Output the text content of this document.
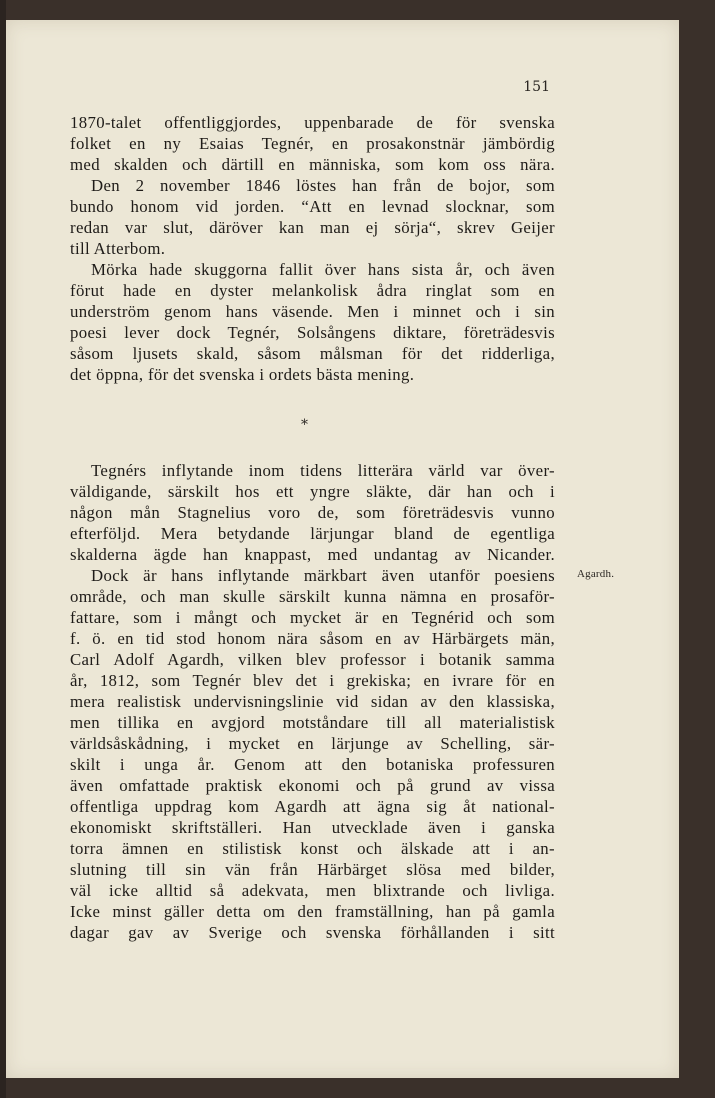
151

1870-talet offentliggjordes, uppenbarade de för svenska

folket en ny Esaias Tegnér, en prosakonstnär jämbördig

med skalden och därtill en människa, som kom oss nära.

Den 2 november 1846 löstes han från de bojor, som

bundo honom vid jorden. “Att en levnad slocknar, som

redan var slut, däröver kan man ej sörja“, skrev Geijer

till Atterbom.

Mörka hade skuggorna fallit över hans sista år, och även

förut hade en dyster melankolisk ådra ringlat som en

underström genom hans väsende. Men i minnet och i sin

poesi lever dock Tegnér, Solsångens diktare, företrädesvis

såsom ljusets skald, såsom målsman för det ridderliga,

det öppna, för det svenska i ordets bästa mening.

*

Tegnérs inflytande inom tidens litterära värld var över-

väldigande, särskilt hos ett yngre släkte, där han och i

någon mån Stagnelius voro de, som företrädesvis vunno

efterföljd. Mera betydande lärjungar bland de egentliga

skalderna ägde han knappast, med undantag av Nicander.

Dock är hans inflytande märkbart även utanför poesiens

område, och man skulle särskilt kunna nämna en prosaför-

fattare, som i mångt och mycket är en Tegnérid och som

f. ö. en tid stod honom nära såsom en av Härbärgets män,

Carl Adolf Agardh, vilken blev professor i botanik samma

år, 1812, som Tegnér blev det i grekiska; en ivrare för en

mera realistisk undervisningslinie vid sidan av den klassiska,

men tillika en avgjord motståndare till all materialistisk

världsåskådning, i mycket en lärjunge av Schelling, sär-

skilt i unga år. Genom att den botaniska professuren

även omfattade praktisk ekonomi och på grund av vissa

offentliga uppdrag kom Agardh att ägna sig åt national-

ekonomiskt skriftställeri. Han utvecklade även i ganska

torra ämnen en stilistisk konst och älskade att i an-

slutning till sin vän från Härbärget slösa med bilder,

väl icke alltid så adekvata, men blixtrande och livliga.

Icke minst gäller detta om den framställning, han på gamla

dagar gav av Sverige och svenska förhållanden i sitt

Agardh.
